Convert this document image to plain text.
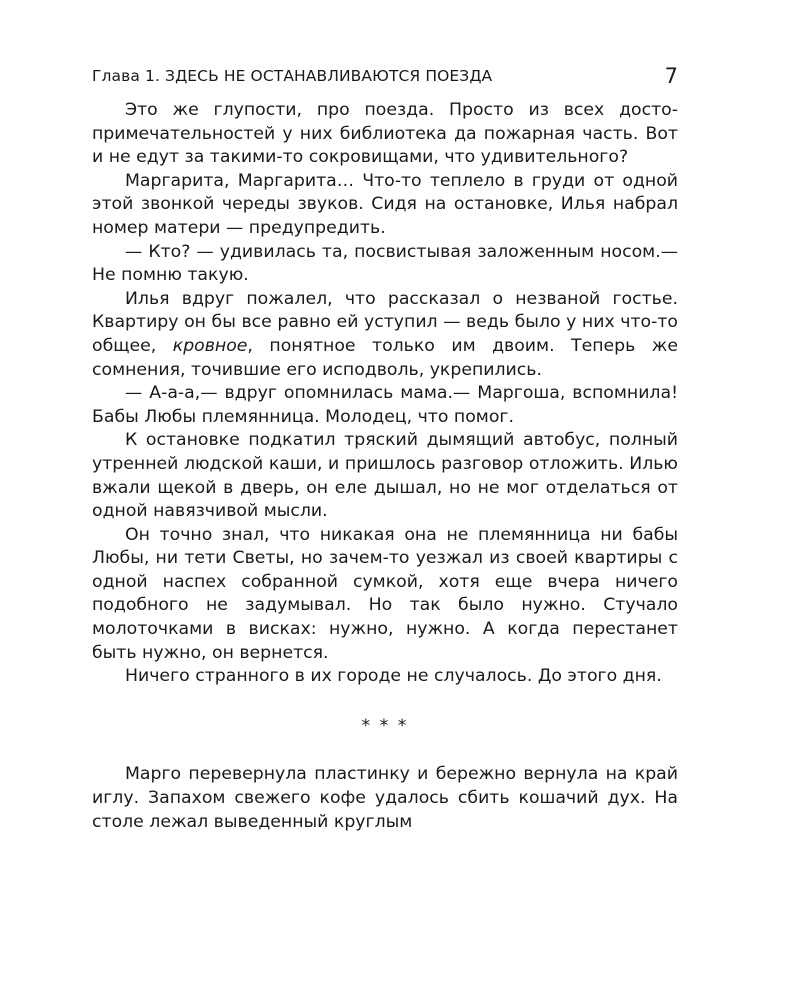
Глава 1. ЗДЕСЬ НЕ ОСТАНАВЛИВАЮТСЯ ПОЕЗДА	7

Это же глупости, про поезда. Просто из всех достопримечательностей у них библиотека да пожарная часть. Вот и не едут за такими-то сокровищами, что удивительного?

Маргарита, Маргарита… Что-то теплело в груди от одной этой звонкой череды звуков. Сидя на остановке, Илья набрал номер матери — предупредить.

— Кто? — удивилась та, посвистывая заложенным носом.— Не помню такую.

Илья вдруг пожалел, что рассказал о незваной гостье. Квартиру он бы все равно ей уступил — ведь было у них что-то общее, кровное, понятное только им двоим. Теперь же сомнения, точившие его исподволь, укрепились.

— А-а-а,— вдруг опомнилась мама.— Маргоша, вспомнила! Бабы Любы племянница. Молодец, что помог.

К остановке подкатил тряский дымящий автобус, полный утренней людской каши, и пришлось разговор отложить. Илью вжали щекой в дверь, он еле дышал, но не мог отделаться от одной навязчивой мысли.

Он точно знал, что никакая она не племянница ни бабы Любы, ни тети Светы, но зачем-то уезжал из своей квартиры с одной наспех собранной сумкой, хотя еще вчера ничего подобного не задумывал. Но так было нужно. Стучало молоточками в висках: нужно, нужно. А когда перестанет быть нужно, он вернется.

Ничего странного в их городе не случалось. До этого дня.

* * *

Марго перевернула пластинку и бережно вернула на край иглу. Запахом свежего кофе удалось сбить кошачий дух. На столе лежал выведенный круглым
